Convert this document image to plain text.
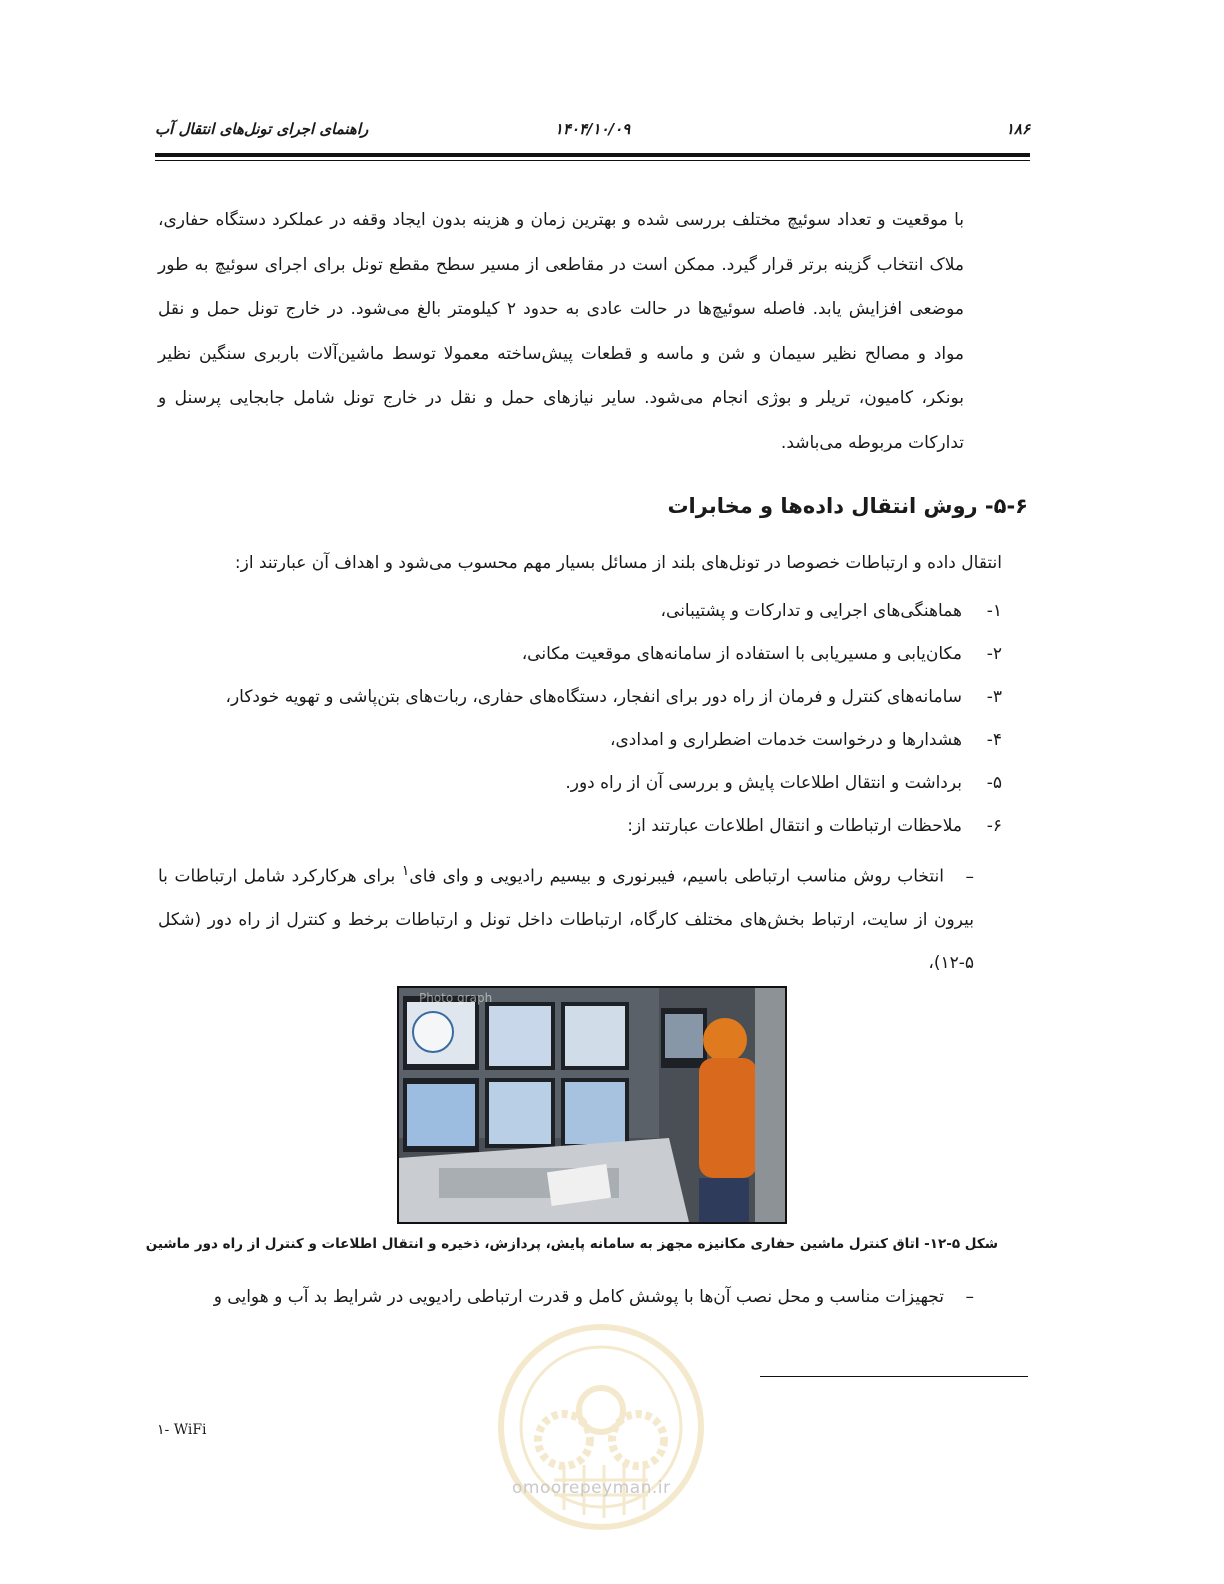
۱۸۶
۱۴۰۴/۱۰/۰۹
راهنمای اجرای تونل‌های انتقال آب
با موقعیت و تعداد سوئیچ مختلف بررسی شده و بهترین زمان و هزینه بدون ایجاد وقفه در عملکرد دستگاه حفاری، ملاک انتخاب گزینه برتر قرار گیرد. ممکن است در مقاطعی از مسیر سطح مقطع تونل برای اجرای سوئیچ به طور موضعی افزایش یابد. فاصله سوئیچ‌ها در حالت عادی به حدود ۲ کیلومتر بالغ می‌شود. در خارج تونل حمل و نقل مواد و مصالح نظیر سیمان و شن و ماسه و قطعات پیش‌ساخته معمولا توسط ماشین‌آلات باربری سنگین نظیر بونکر، کامیون، تریلر و بوژی انجام می‌شود. سایر نیازهای حمل و نقل در خارج تونل شامل جابجایی پرسنل و تدارکات مربوطه می‌باشد.
۵-۶- روش انتقال داده‌ها و مخابرات
انتقال داده و ارتباطات خصوصا در تونل‌های بلند از مسائل بسیار مهم محسوب می‌شود و اهداف آن عبارتند از:
۱-هماهنگی‌های اجرایی و تدارکات و پشتیبانی،
۲-مکان‌یابی و مسیریابی با استفاده از سامانه‌های موقعیت مکانی،
۳-سامانه‌های کنترل و فرمان از راه دور برای انفجار، دستگاه‌های حفاری، ربات‌های بتن‌پاشی و تهویه خودکار،
۴-هشدارها و درخواست خدمات اضطراری و امدادی،
۵-برداشت و انتقال اطلاعات پایش و بررسی آن از راه دور.
۶-ملاحظات ارتباطات و انتقال اطلاعات عبارتند از:
–انتخاب روش مناسب ارتباطی باسیم، فیبرنوری و بیسیم رادیویی و وای فای$^۱$ برای هرکارکرد شامل ارتباطات با بیرون از سایت، ارتباط بخش‌های مختلف کارگاه، ارتباطات داخل تونل و ارتباطات برخط و کنترل از راه دور (شکل ۵-۱۲)،
Photo graph
شکل ۵-۱۲- اتاق کنترل ماشین حفاری مکانیزه مجهز به سامانه پایش، پردازش، ذخیره و انتقال اطلاعات و کنترل از راه دور ماشین
–تجهیزات مناسب و محل نصب آن‌ها با پوشش کامل و قدرت ارتباطی رادیویی در شرایط بد آب و هوایی و
omoorepeyman.ir
۱- WiFi
